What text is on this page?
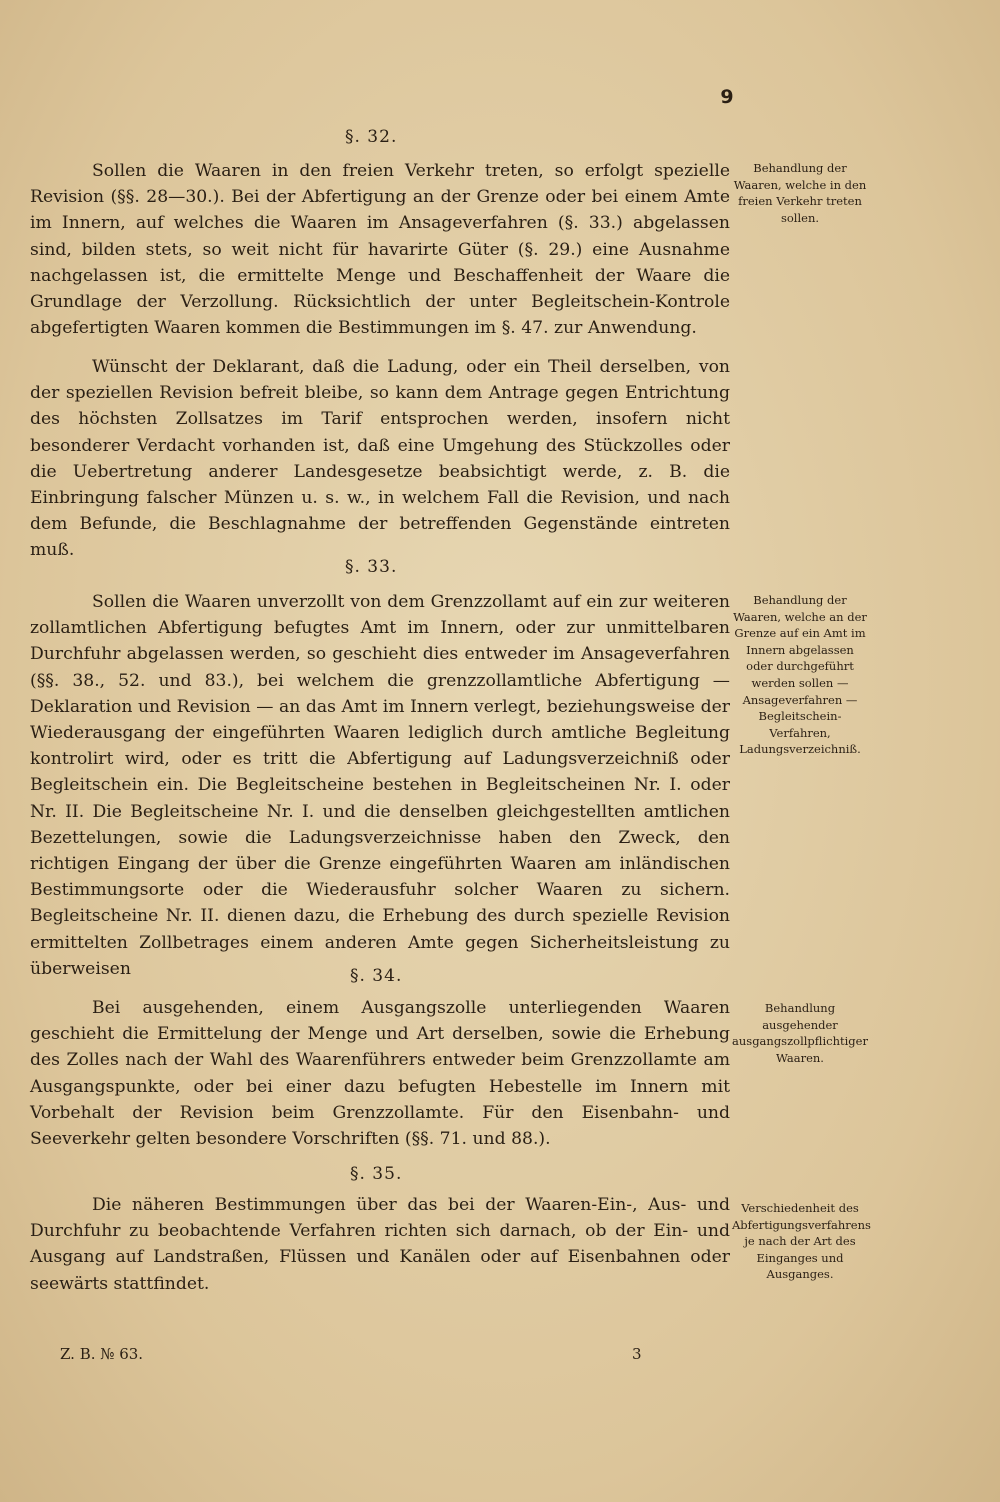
9
§. 32.

Sollen die Waaren in den freien Verkehr treten, so erfolgt spezielle Revision (§§. 28—30.). Bei der Abfertigung an der Grenze oder bei einem Amte im Innern, auf welches die Waaren im Ansageverfahren (§. 33.) abgelassen sind, bilden stets, so weit nicht für havarirte Güter (§. 29.) eine Ausnahme nachgelassen ist, die ermittelte Menge und Beschaffenheit der Waare die Grundlage der Verzollung. Rücksichtlich der unter Begleitschein-Kontrole abgefertigten Waaren kommen die Bestimmungen im §. 47. zur Anwendung.

Wünscht der Deklarant, daß die Ladung, oder ein Theil derselben, von der speziellen Revision befreit bleibe, so kann dem Antrage gegen Entrichtung des höchsten Zollsatzes im Tarif entsprochen werden, insofern nicht besonderer Verdacht vorhanden ist, daß eine Umgehung des Stückzolles oder die Uebertretung anderer Landesgesetze beabsichtigt werde, z. B. die Einbringung falscher Münzen u. s. w., in welchem Fall die Revision, und nach dem Befunde, die Beschlagnahme der betreffenden Gegenstände eintreten muß.

Behandlung der Waaren, welche in den freien Verkehr treten sollen.

§. 33.

Sollen die Waaren unverzollt von dem Grenzzollamt auf ein zur weiteren zollamtlichen Abfertigung befugtes Amt im Innern, oder zur unmittelbaren Durchfuhr abgelassen werden, so geschieht dies entweder im Ansageverfahren (§§. 38., 52. und 83.), bei welchem die grenzzollamtliche Abfertigung — Deklaration und Revision — an das Amt im Innern verlegt, beziehungsweise der Wiederausgang der eingeführten Waaren lediglich durch amtliche Begleitung kontrolirt wird, oder es tritt die Abfertigung auf Ladungsverzeichniß oder Begleitschein ein. Die Begleitscheine bestehen in Begleitscheinen Nr. I. oder Nr. II. Die Begleitscheine Nr. I. und die denselben gleichgestellten amtlichen Bezettelungen, sowie die Ladungsverzeichnisse haben den Zweck, den richtigen Eingang der über die Grenze eingeführten Waaren am inländischen Bestimmungsorte oder die Wiederausfuhr solcher Waaren zu sichern. Begleitscheine Nr. II. dienen dazu, die Erhebung des durch spezielle Revision ermittelten Zollbetrages einem anderen Amte gegen Sicherheitsleistung zu überweisen

Behandlung der Waaren, welche an der Grenze auf ein Amt im Innern abgelassen oder durchgeführt werden sollen — Ansageverfahren — Begleitschein-Verfahren, Ladungsverzeichniß.

§. 34.

Bei ausgehenden, einem Ausgangszolle unterliegenden Waaren geschieht die Ermittelung der Menge und Art derselben, sowie die Erhebung des Zolles nach der Wahl des Waarenführers entweder beim Grenzzollamte am Ausgangspunkte, oder bei einer dazu befugten Hebestelle im Innern mit Vorbehalt der Revision beim Grenzzollamte. Für den Eisenbahn- und Seeverkehr gelten besondere Vorschriften (§§. 71. und 88.).

Behandlung ausgehender ausgangszollpflichtiger Waaren.

§. 35.

Die näheren Bestimmungen über das bei der Waaren-Ein-, Aus- und Durchfuhr zu beobachtende Verfahren richten sich darnach, ob der Ein- und Ausgang auf Landstraßen, Flüssen und Kanälen oder auf Eisenbahnen oder seewärts stattfindet.

Verschiedenheit des Abfertigungsverfahrens je nach der Art des Einganges und Ausganges.

Z. B. № 63.	3
